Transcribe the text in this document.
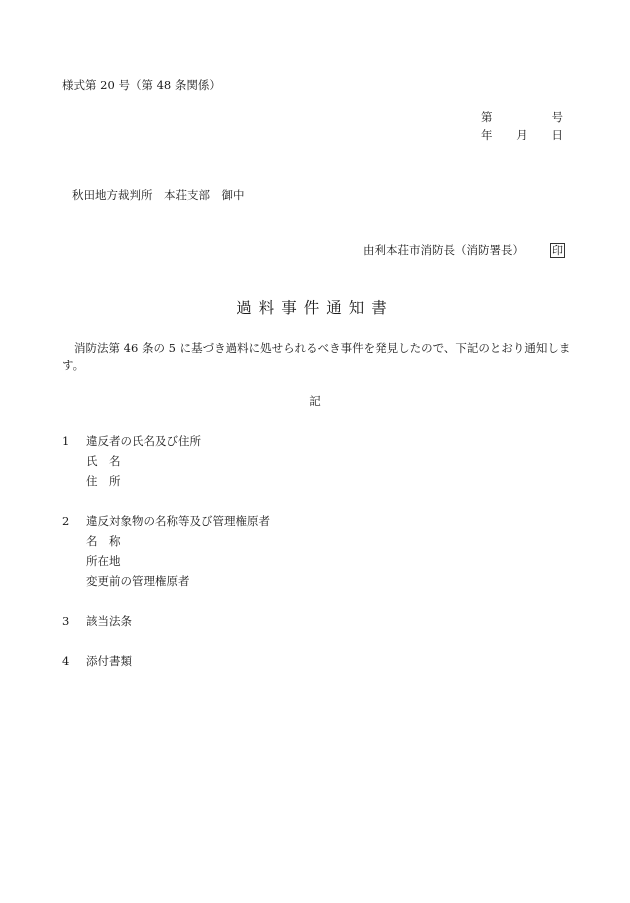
様式第 20 号（第 48 条関係）
第	号
年 月 日
秋田地方裁判所　本荘支部　御中
由利本荘市消防長（消防署長）	印
過料事件通知書
消防法第 46 条の 5 に基づき過料に処せられるべき事件を発見したので、下記のとおり通知します。
記
1 違反者の氏名及び住所
氏　名
住　所
2 違反対象物の名称等及び管理権原者
名　称
所在地
変更前の管理権原者
3 該当法条
4 添付書類
